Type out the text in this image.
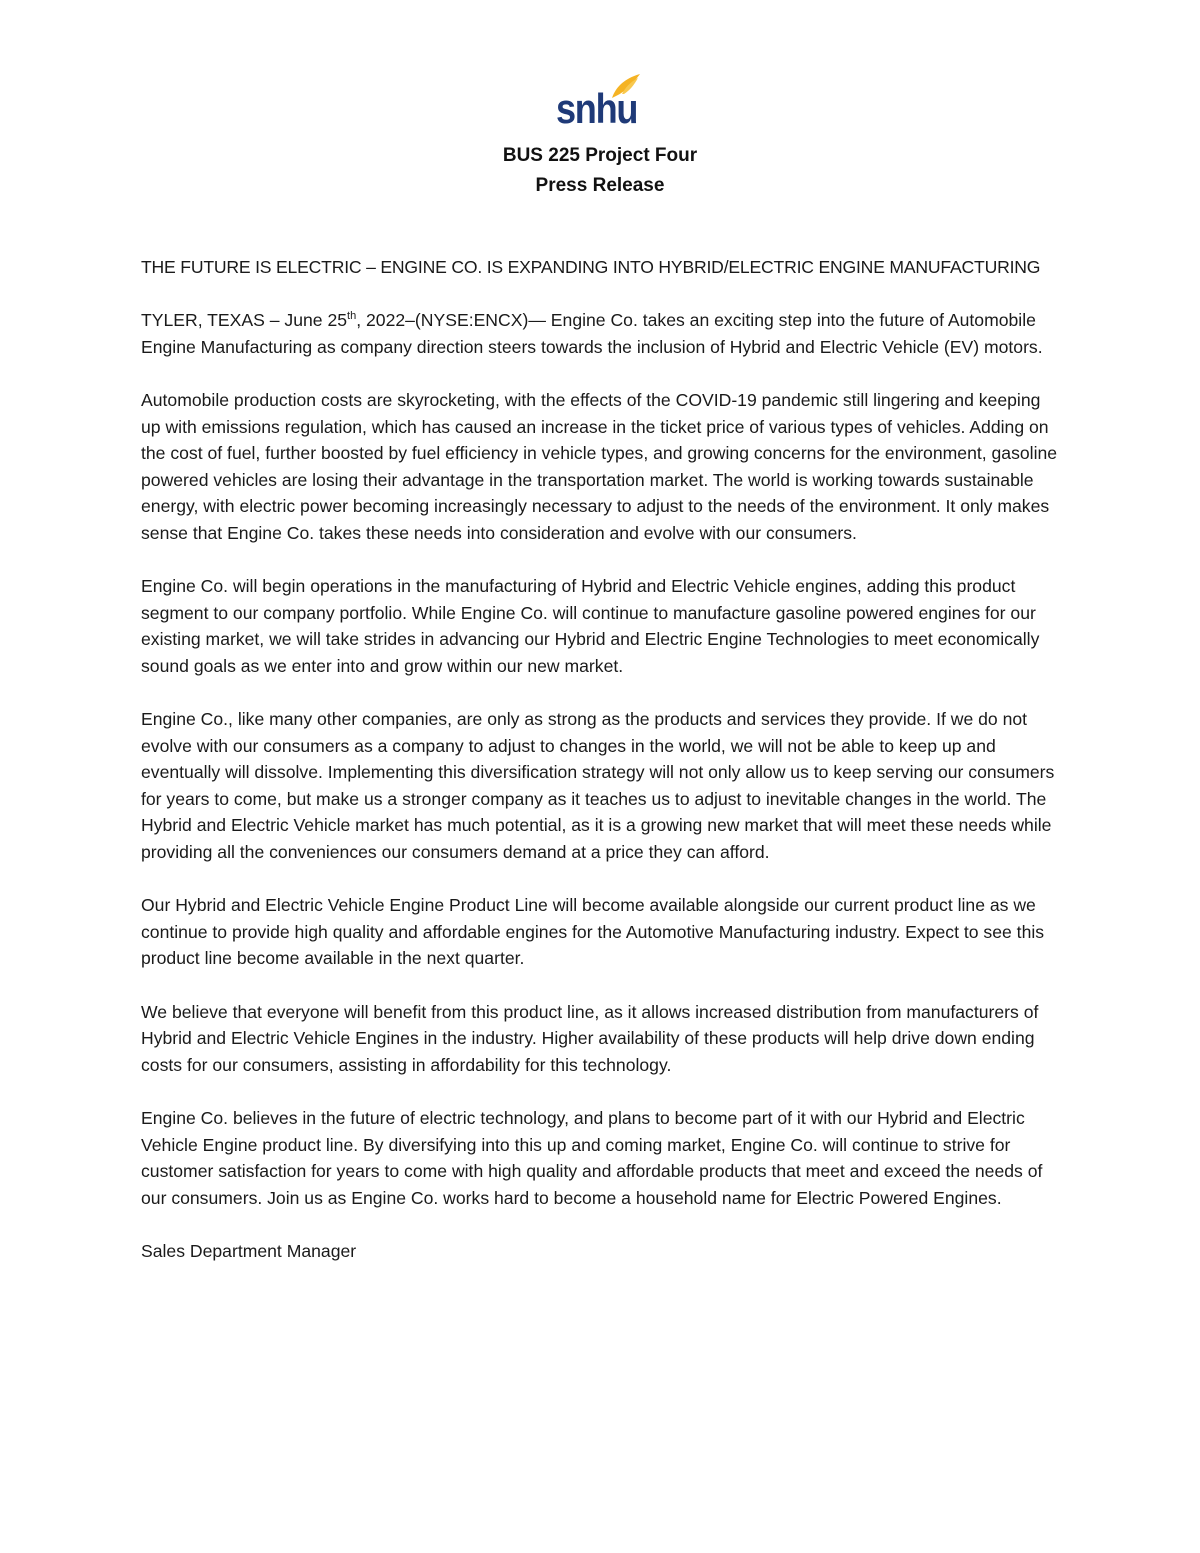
snhu
BUS 225 Project Four
Press Release

THE FUTURE IS ELECTRIC – ENGINE CO. IS EXPANDING INTO HYBRID/ELECTRIC ENGINE MANUFACTURING

TYLER, TEXAS – June 25th, 2022–(NYSE:ENCX)— Engine Co. takes an exciting step into the future of Automobile Engine Manufacturing as company direction steers towards the inclusion of Hybrid and Electric Vehicle (EV) motors.

Automobile production costs are skyrocketing, with the effects of the COVID-19 pandemic still lingering and keeping up with emissions regulation, which has caused an increase in the ticket price of various types of vehicles. Adding on the cost of fuel, further boosted by fuel efficiency in vehicle types, and growing concerns for the environment, gasoline powered vehicles are losing their advantage in the transportation market. The world is working towards sustainable energy, with electric power becoming increasingly necessary to adjust to the needs of the environment. It only makes sense that Engine Co. takes these needs into consideration and evolve with our consumers.

Engine Co. will begin operations in the manufacturing of Hybrid and Electric Vehicle engines, adding this product segment to our company portfolio. While Engine Co. will continue to manufacture gasoline powered engines for our existing market, we will take strides in advancing our Hybrid and Electric Engine Technologies to meet economically sound goals as we enter into and grow within our new market.

Engine Co., like many other companies, are only as strong as the products and services they provide. If we do not evolve with our consumers as a company to adjust to changes in the world, we will not be able to keep up and eventually will dissolve. Implementing this diversification strategy will not only allow us to keep serving our consumers for years to come, but make us a stronger company as it teaches us to adjust to inevitable changes in the world. The Hybrid and Electric Vehicle market has much potential, as it is a growing new market that will meet these needs while providing all the conveniences our consumers demand at a price they can afford.

Our Hybrid and Electric Vehicle Engine Product Line will become available alongside our current product line as we continue to provide high quality and affordable engines for the Automotive Manufacturing industry. Expect to see this product line become available in the next quarter.

We believe that everyone will benefit from this product line, as it allows increased distribution from manufacturers of Hybrid and Electric Vehicle Engines in the industry. Higher availability of these products will help drive down ending costs for our consumers, assisting in affordability for this technology.

Engine Co. believes in the future of electric technology, and plans to become part of it with our Hybrid and Electric Vehicle Engine product line. By diversifying into this up and coming market, Engine Co. will continue to strive for customer satisfaction for years to come with high quality and affordable products that meet and exceed the needs of our consumers. Join us as Engine Co. works hard to become a household name for Electric Powered Engines.

Sales Department Manager
